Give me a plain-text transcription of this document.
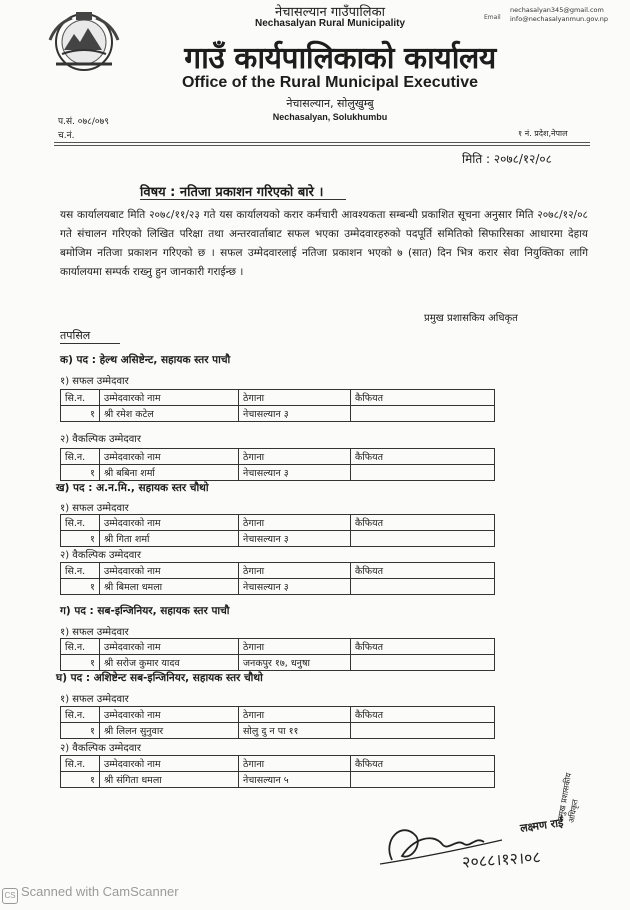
नेचासल्यान गाउँपालिका
Nechasalyan Rural Municipality
Email
nechasalyan345@gmail.com
info@nechasalyanmun.gov.np
गाउँ कार्यपालिकाको कार्यालय
Office of the Rural Municipal Executive
नेचासल्यान, सोलुखुम्बु
Nechasalyan, Solukhumbu
प.सं. ०७८/०७९
च.नं.	१ नं. प्रदेश,नेपाल
मिति : २०७८/१२/०८
विषय : नतिजा प्रकाशन गरिएको बारे ।
यस कार्यालयबाट मिति २०७८/११/२३ गते यस कार्यालयको करार कर्मचारी आवश्यकता सम्बन्धी प्रकाशित सूचना अनुसार मिति २०७८/१२/०८ गते संचालन गरिएको लिखित परिक्षा तथा अन्तरवार्ताबाट सफल भएका उम्मेदवारहरुको पदपूर्ति समितिको सिफारिसका आधारमा देहाय बमोजिम नतिजा प्रकाशन गरिएको छ । सफल उम्मेदवारलाई नतिजा प्रकाशन भएको ७ (सात) दिन भित्र करार सेवा नियुक्तिका लागि कार्यालयमा सम्पर्क राख्नु हुन जानकारी गराईन्छ ।
प्रमुख प्रशासकिय अधिकृत
तपसिल
क) पद : हेल्थ असिष्टेन्ट, सहायक स्तर पाचौ
१) सफल उम्मेदवार
सि.न.	उम्मेदवारको नाम	ठेगाना	कैफियत
१	श्री रमेश कटेल	नेचासल्यान ३	
२) वैकल्पिक उम्मेदवार
सि.न.	उम्मेदवारको नाम	ठेगाना	कैफियत
१	श्री बबिना शर्मा	नेचासल्यान ३	
ख) पद : अ.न.मि., सहायक स्तर चौथो
१) सफल उम्मेदवार
सि.न.	उम्मेदवारको नाम	ठेगाना	कैफियत
१	श्री गिता शर्मा	नेचासल्यान ३	
२) वैकल्पिक उम्मेदवार
सि.न.	उम्मेदवारको नाम	ठेगाना	कैफियत
१	श्री बिमला धमला	नेचासल्यान ३	
ग) पद : सब-इन्जिनियर, सहायक स्तर पाचौ
१) सफल उम्मेदवार
सि.न.	उम्मेदवारको नाम	ठेगाना	कैफियत
१	श्री सरोज कुमार यादव	जनकपुर १७, धनुषा	
घ) पद : अशिष्टेन्ट सब-इन्जिनियर, सहायक स्तर चौथो
१) सफल उम्मेदवार
सि.न.	उम्मेदवारको नाम	ठेगाना	कैफियत
१	श्री लिलन सुनुवार	सोलु दु न पा ११	
२) वैकल्पिक उम्मेदवार
सि.न.	उम्मेदवारको नाम	ठेगाना	कैफियत
१	श्री संगिता धमला	नेचासल्यान ५	
२०८८।१२।०८
लक्ष्मण राई
प्रमुख प्रशासकीय अधिकृत
CS Scanned with CamScanner
